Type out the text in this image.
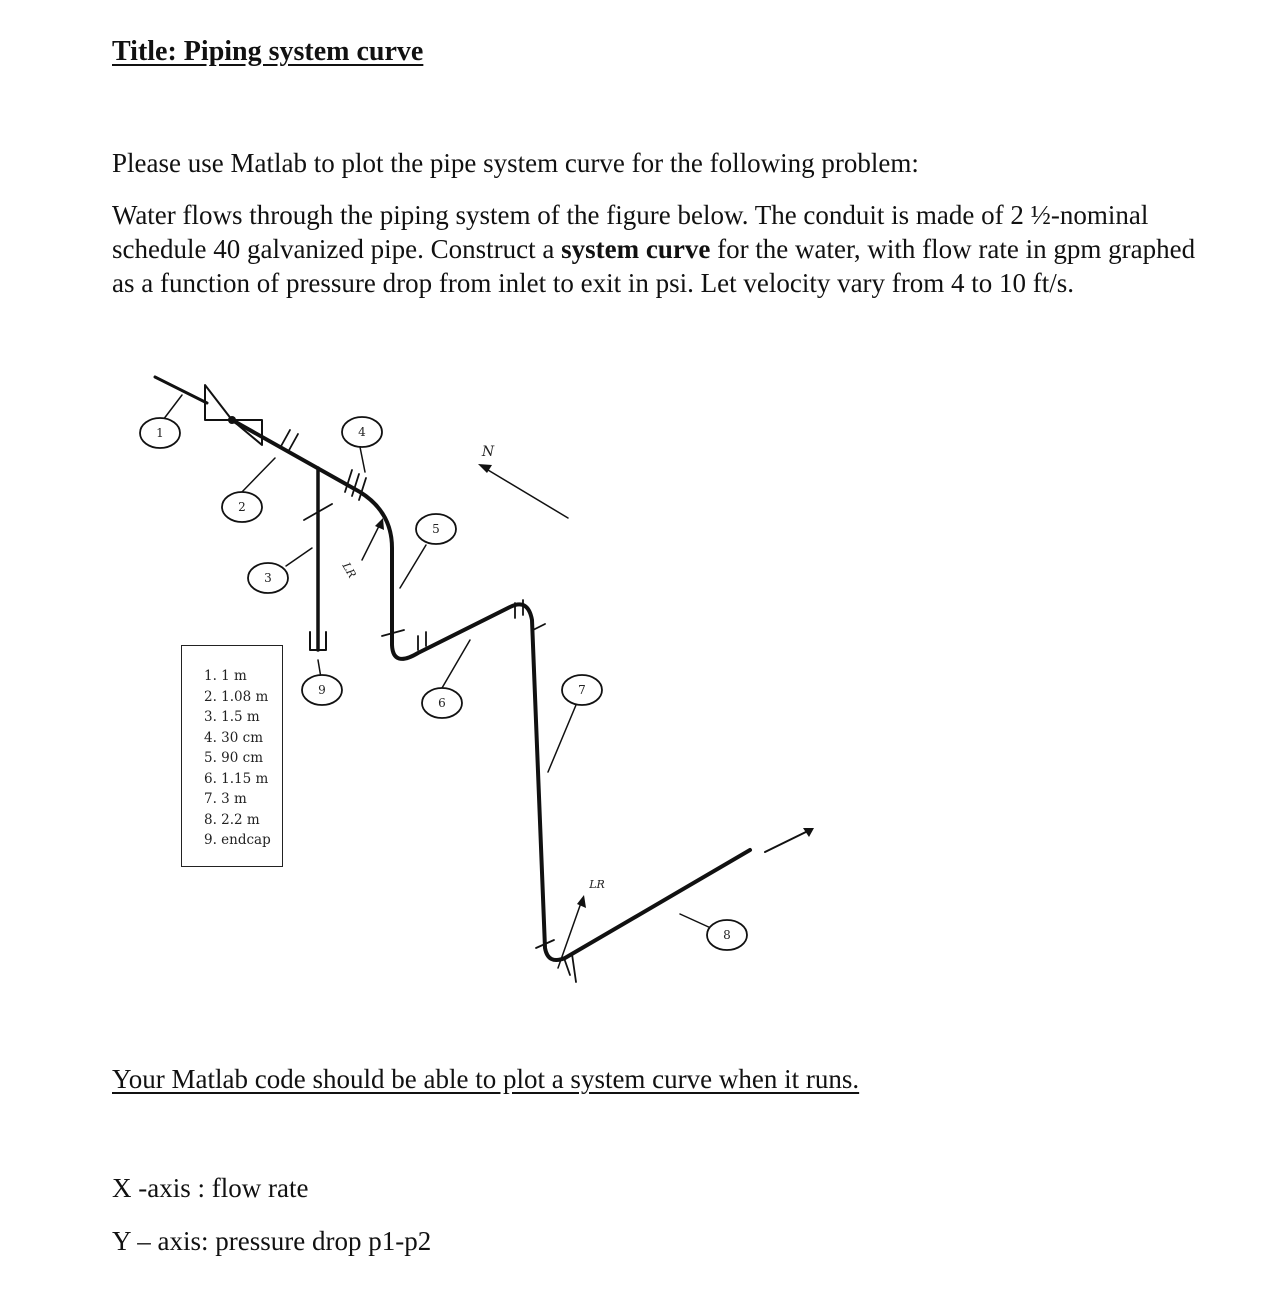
Title: Piping system curve

Please use Matlab to plot the pipe system curve for the following problem:

Water flows through the piping system of the figure below. The conduit is made of 2 ½-nominal schedule 40 galvanized pipe. Construct a system curve for the water, with flow rate in gpm graphed as a function of pressure drop from inlet to exit in psi. Let velocity vary from 4 to 10 ft/s.

1
2
3
4
5
6
7
8
9
N
LR
LR
1. 1 m
2. 1.08 m
3. 1.5 m
4. 30 cm
5. 90 cm
6. 1.15 m
7. 3 m
8. 2.2 m
9. endcap

Your Matlab code should be able to plot a system curve when it runs.

X -axis : flow rate

Y – axis: pressure drop p1-p2
